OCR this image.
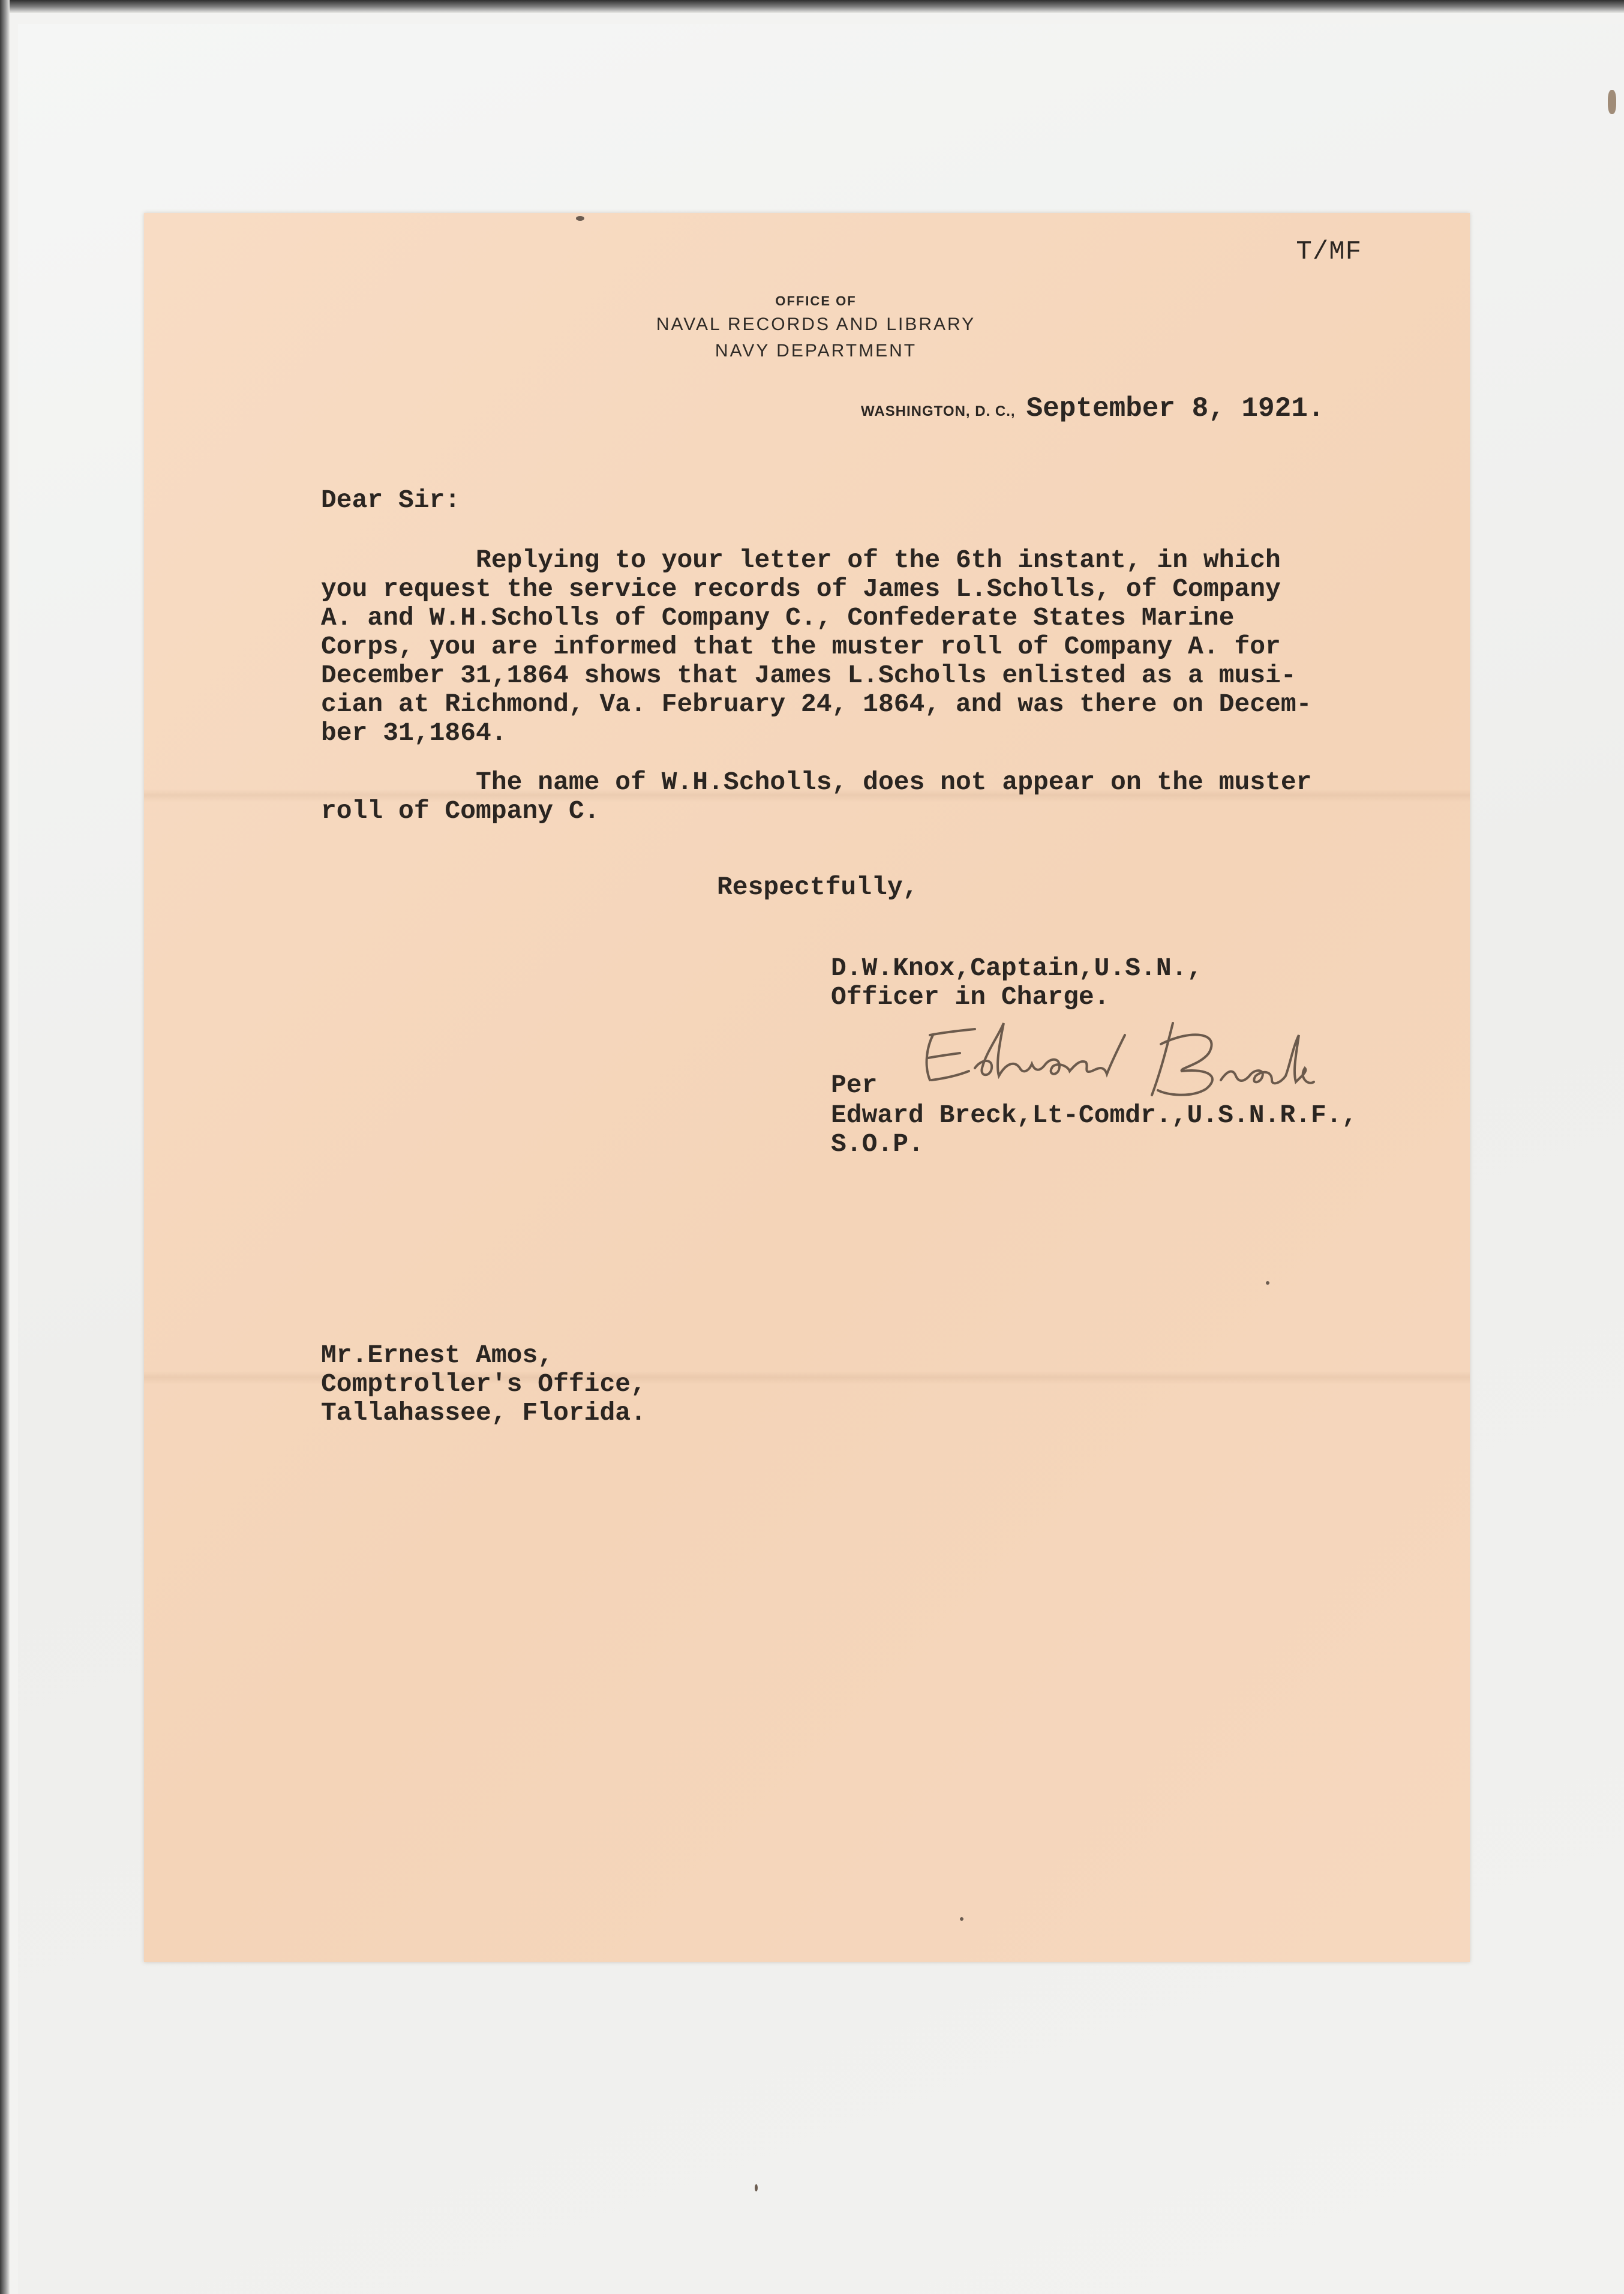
T/MF
OFFICE OF
NAVAL RECORDS AND LIBRARY
NAVY DEPARTMENT
WASHINGTON, D. C., September 8, 1921.
Dear Sir:
Replying to your letter of the 6th instant, in which
you request the service records of James L.Scholls, of Company
A. and W.H.Scholls of Company C., Confederate States Marine
Corps, you are informed that the muster roll of Company A. for
December 31,1864 shows that James L.Scholls enlisted as a musi-
cian at Richmond, Va. February 24, 1864, and was there on Decem-
ber 31,1864.
The name of W.H.Scholls, does not appear on the muster
roll of Company C.
Respectfully,
D.W.Knox,Captain,U.S.N.,
Officer in Charge.
Per
Edward Breck,Lt-Comdr.,U.S.N.R.F.,
S.O.P.
Mr.Ernest Amos,
Comptroller's Office,
Tallahassee, Florida.
